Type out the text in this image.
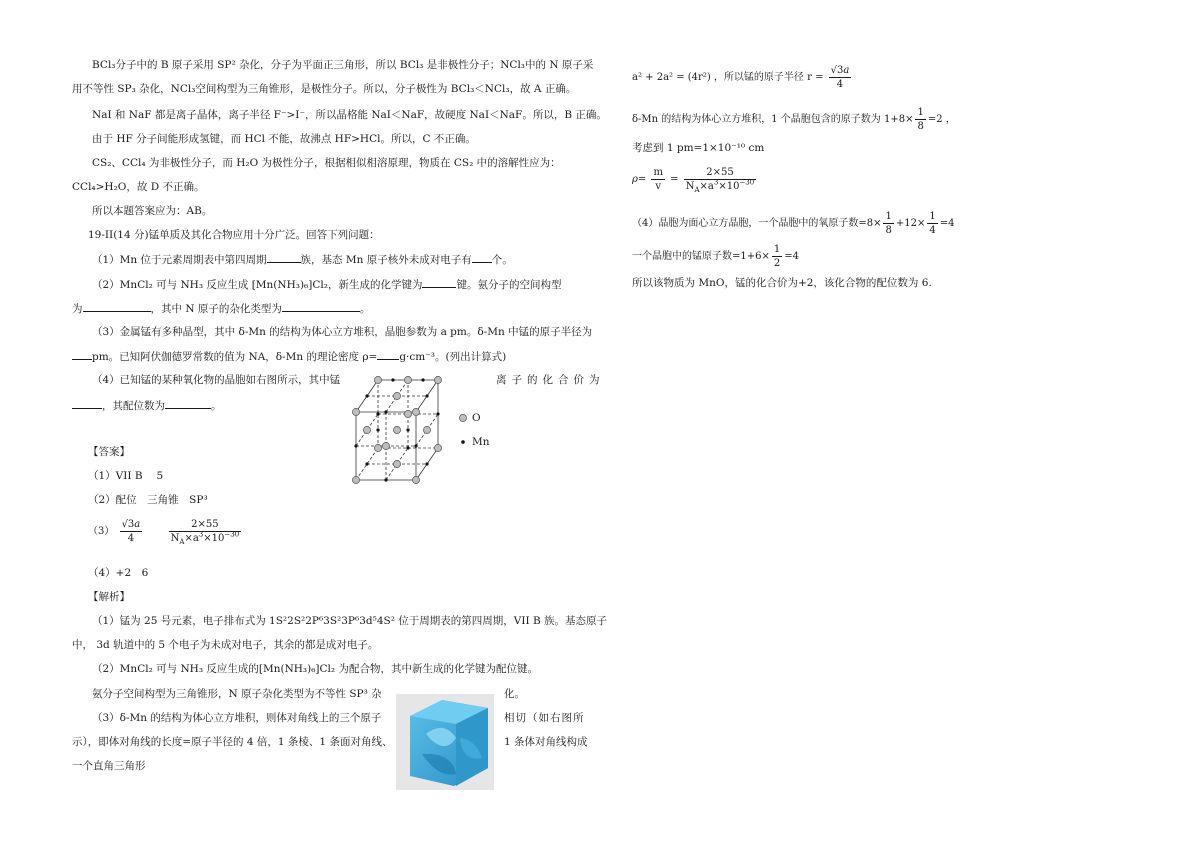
BCl₃分子中的 B 原子采用 SP² 杂化，分子为平面正三角形，所以 BCl₃ 是非极性分子；NCl₃中的 N 原子采
用不等性 SP₃ 杂化，NCl₃空间构型为三角锥形，是极性分子。所以，分子极性为 BCl₃＜NCl₃，故 A 正确。
NaI 和 NaF 都是离子晶体，离子半径 F⁻>I⁻，所以晶格能 NaI＜NaF，故硬度 NaI＜NaF。所以，B 正确。
由于 HF 分子间能形成氢键，而 HCl 不能，故沸点 HF>HCl。所以，C 不正确。
CS₂、CCl₄ 为非极性分子，而 H₂O 为极性分子，根据相似相溶原理，物质在 CS₂ 中的溶解性应为：
CCl₄>H₂O，故 D 不正确。
所以本题答案应为：AB。
19-II(14 分)锰单质及其化合物应用十分广泛。回答下列问题：
（1）Mn 位于元素周期表中第四周期	族，基态 Mn 原子核外未成对电子有 个。
（2）MnCl₂ 可与 NH₃ 反应生成 [Mn(NH₃)₆]Cl₂，新生成的化学键为	键。氨分子的空间构型
为	，其中 N 原子的杂化类型为	。
（3）金属锰有多种晶型，其中 δ-Mn 的结构为体心立方堆积，晶胞参数为 a pm。δ-Mn 中锰的原子半径为
pm。已知阿伏伽德罗常数的值为 NA，δ-Mn 的理论密度 ρ= g·cm⁻³。(列出计算式)
（4）已知锰的某种氧化物的晶胞如右图所示，其中锰	离子的化合价为
，其配位数为	。
O
Mn
【答案】
（1）VII B　 5
（2）配位　三角锥　SP³
$(3) \frac{√3a}{4}$
	$\frac{2\times 55}{N_A\times a^3\times 10^{-30}}$
（4）+2　6
【解析】
（1）锰为 25 号元素，电子排布式为 1S²2S²2P⁶3S²3P⁶3d⁵4S² 位于周期表的第四周期，VII B 族。基态原子
中， 3d 轨道中的 5 个电子为未成对电子，其余的都是成对电子。
（2）MnCl₂ 可与 NH₃ 反应生成的[Mn(NH₃)₆]Cl₂ 为配合物，其中新生成的化学键为配位键。
氨分子空间构型为三角锥形，N 原子杂化类型为不等性 SP³ 杂	化。
（3）δ-Mn 的结构为体心立方堆积，则体对角线上的三个原子	相切（如右图所
示），即体对角线的长度=原子半径的 4 倍，1 条棱、1 条面对角线、	1 条体对角线构成
一个直角三角形
a² + 2a² = (4r²) ，所以锰的原子半径 $r = \frac{√3a}{4}$
δ-Mn 的结构为体心立方堆积，1 个晶胞包含的原子数为 $1+8\times \frac{1}{8} =2$ ，
考虑到 1 pm=1×10⁻¹⁰ cm
$\rho= \frac{m}{v} = \frac{2\times 55}{N_A\times a^3\times 10^{-30}}$
（4）晶胞为面心立方晶胞，一个晶胞中的氧原子数$=8\times \frac{1}{8} +12\times \frac{1}{4} =4$
一个晶胞中的锰原子数$=1+6\times \frac{1}{2} =4$
所以该物质为 MnO，锰的化合价为+2，该化合物的配位数为 6.
